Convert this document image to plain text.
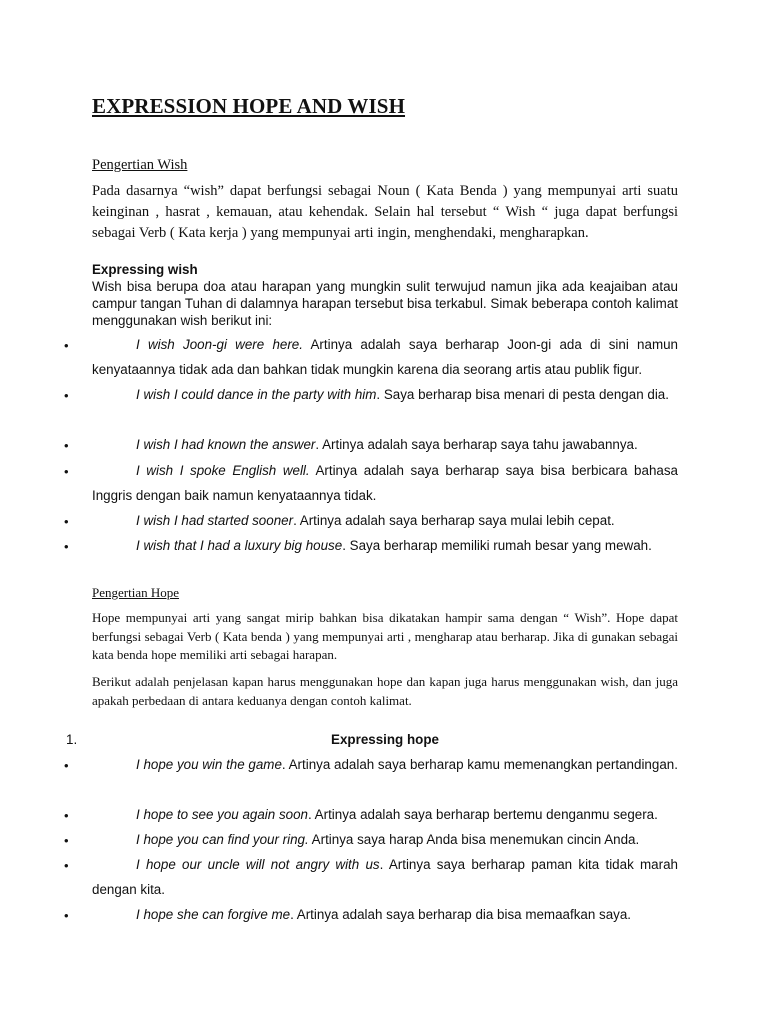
EXPRESSION HOPE AND WISH
Pengertian Wish
Pada dasarnya “wish” dapat berfungsi sebagai Noun ( Kata Benda ) yang mempunyai arti suatu keinginan , hasrat , kemauan, atau kehendak. Selain hal tersebut “ Wish “ juga dapat berfungsi sebagai Verb ( Kata kerja ) yang mempunyai arti ingin, menghendaki, mengharapkan.
Expressing wish
Wish bisa berupa doa atau harapan yang mungkin sulit terwujud namun jika ada keajaiban atau campur tangan Tuhan di dalamnya harapan tersebut bisa terkabul. Simak beberapa contoh kalimat menggunakan wish berikut ini:
•	I wish Joon-gi were here. Artinya adalah saya berharap Joon-gi ada di sini namun kenyataannya tidak ada dan bahkan tidak mungkin karena dia seorang artis atau publik figur.
•	I wish I could dance in the party with him. Saya berharap bisa menari di pesta dengan dia.
•	I wish I had known the answer. Artinya adalah saya berharap saya tahu jawabannya.
•	I wish I spoke English well. Artinya adalah saya berharap saya bisa berbicara bahasa Inggris dengan baik namun kenyataannya tidak.
•	I wish I had started sooner. Artinya adalah saya berharap saya mulai lebih cepat.
•	I wish that I had a luxury big house. Saya berharap memiliki rumah besar yang mewah.
Pengertian Hope
Hope mempunyai arti yang sangat mirip bahkan bisa dikatakan hampir sama dengan “ Wish”. Hope dapat berfungsi sebagai Verb ( Kata benda ) yang mempunyai arti , mengharap atau berharap. Jika di gunakan sebagai kata benda hope memiliki arti sebagai harapan.
Berikut adalah penjelasan kapan harus menggunakan hope dan kapan juga harus menggunakan wish, dan juga apakah perbedaan di antara keduanya dengan contoh kalimat.
1.	Expressing hope
•	I hope you win the game. Artinya adalah saya berharap kamu memenangkan pertandingan.
•	I hope to see you again soon. Artinya adalah saya berharap bertemu denganmu segera.
•	I hope you can find your ring. Artinya saya harap Anda bisa menemukan cincin Anda.
•	I hope our uncle will not angry with us. Artinya saya berharap paman kita tidak marah dengan kita.
•	I hope she can forgive me. Artinya adalah saya berharap dia bisa memaafkan saya.
